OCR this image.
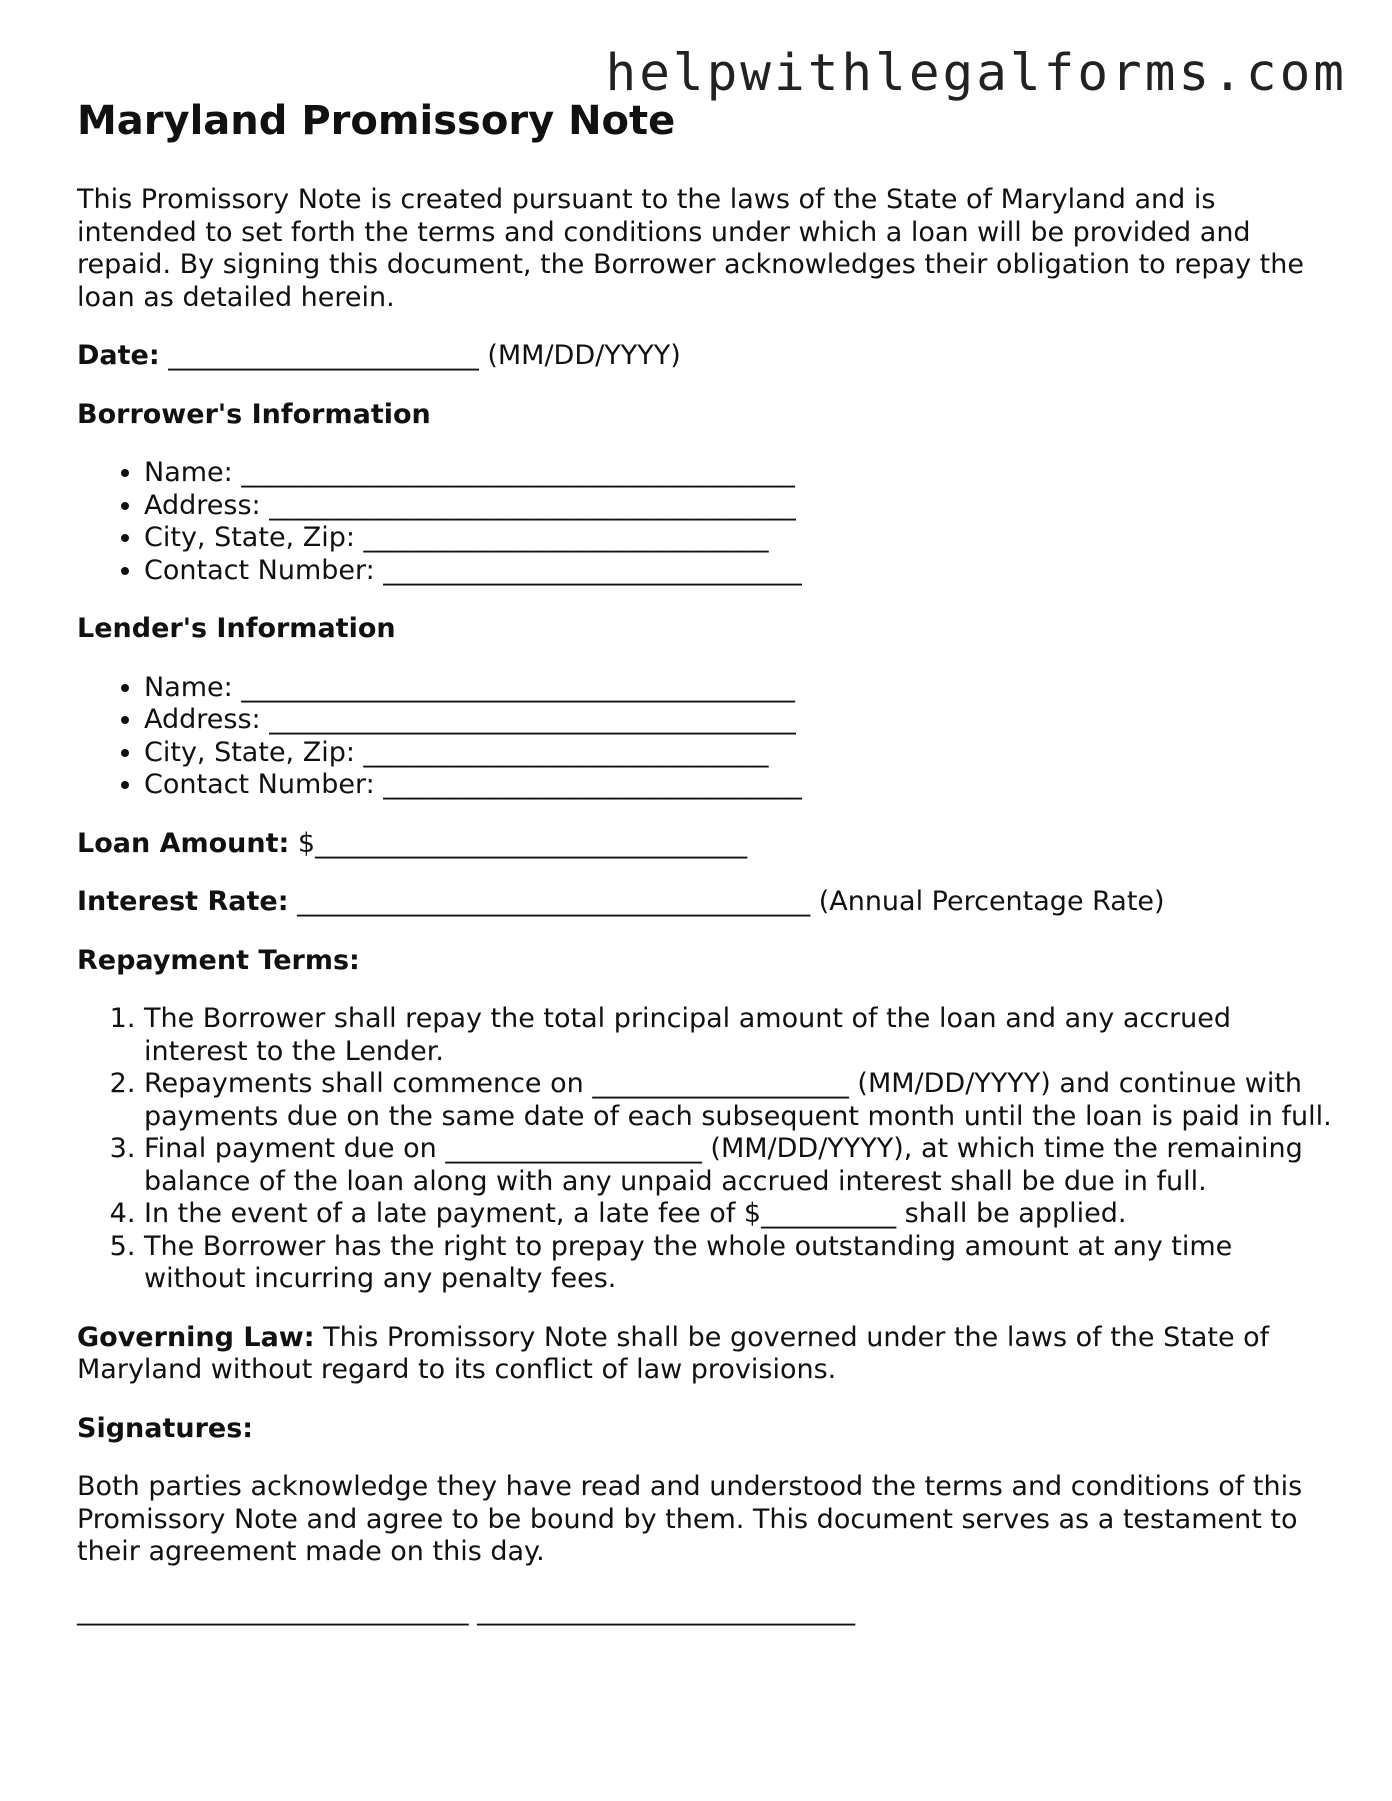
helpwithlegalforms.com
Maryland Promissory Note

This Promissory Note is created pursuant to the laws of the State of Maryland and is intended to set forth the terms and conditions under which a loan will be provided and repaid. By signing this document, the Borrower acknowledges their obligation to repay the loan as detailed herein.

Date: _______________________ (MM/DD/YYYY)

Borrower's Information

• Name: _________________________________________
• Address: _______________________________________
• City, State, Zip: ______________________________
• Contact Number: _______________________________

Lender's Information

• Name: _________________________________________
• Address: _______________________________________
• City, State, Zip: ______________________________
• Contact Number: _______________________________

Loan Amount: $________________________________

Interest Rate: ______________________________________ (Annual Percentage Rate)

Repayment Terms:

1. The Borrower shall repay the total principal amount of the loan and any accrued interest to the Lender.
2. Repayments shall commence on ___________________ (MM/DD/YYYY) and continue with payments due on the same date of each subsequent month until the loan is paid in full.
3. Final payment due on ___________________ (MM/DD/YYYY), at which time the remaining balance of the loan along with any unpaid accrued interest shall be due in full.
4. In the event of a late payment, a late fee of $__________ shall be applied.
5. The Borrower has the right to prepay the whole outstanding amount at any time without incurring any penalty fees.

Governing Law: This Promissory Note shall be governed under the laws of the State of Maryland without regard to its conflict of law provisions.

Signatures:

Both parties acknowledge they have read and understood the terms and conditions of this Promissory Note and agree to be bound by them. This document serves as a testament to their agreement made on this day.

_____________________________ ____________________________
